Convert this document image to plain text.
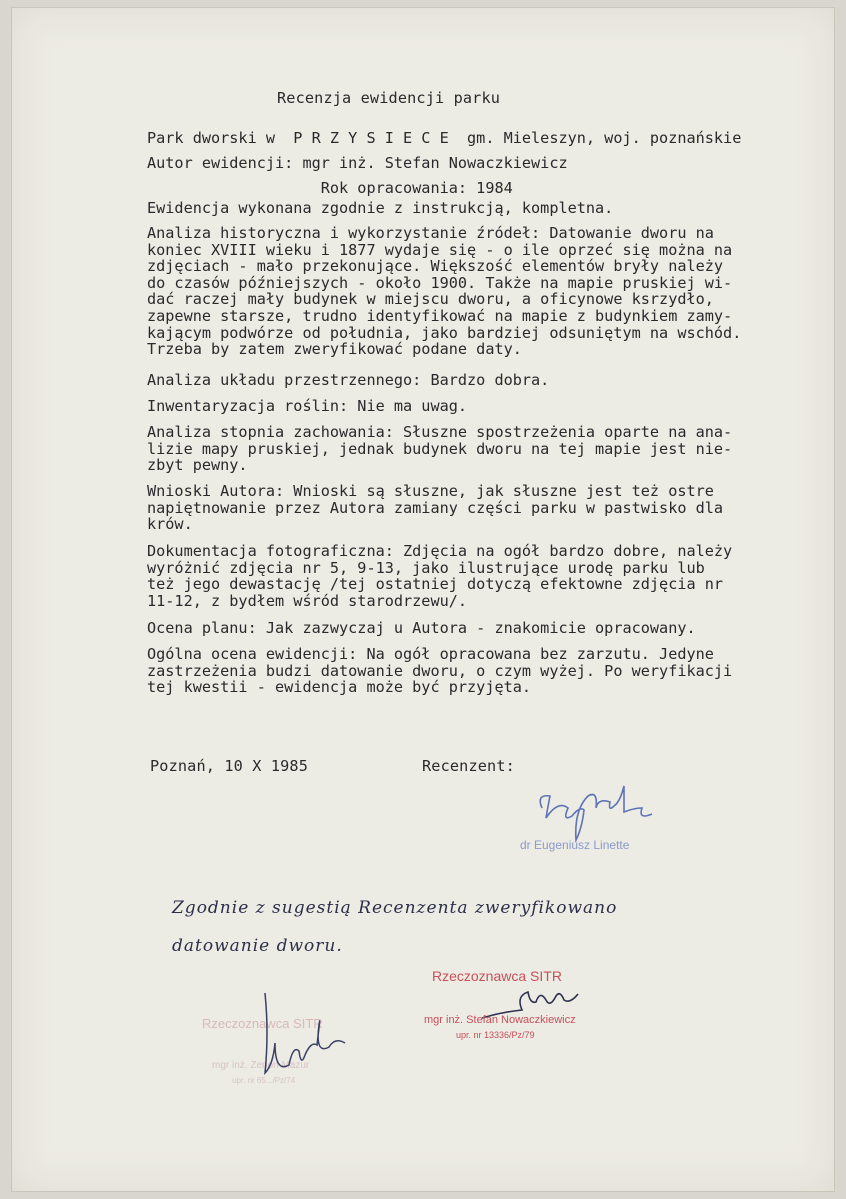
Recenzja ewidencji parku
Park dworski w  P R Z Y S I E C E  gm. Mieleszyn, woj. poznańskie
Autor ewidencji: mgr inż. Stefan Nowaczkiewicz
Rok opracowania: 1984
Ewidencja wykonana zgodnie z instrukcją, kompletna.
Analiza historyczna i wykorzystanie źródeł: Datowanie dworu na
koniec XVIII wieku i 1877 wydaje się - o ile oprzeć się można na
zdjęciach - mało przekonujące. Większość elementów bryły należy
do czasów późniejszych - około 1900. Także na mapie pruskiej wi-
dać raczej mały budynek w miejscu dworu, a oficynowe ksrzydło,
zapewne starsze, trudno identyfikować na mapie z budynkiem zamy-
kającym podwórze od południa, jako bardziej odsuniętym na wschód.
Trzeba by zatem zweryfikować podane daty.
Analiza układu przestrzennego: Bardzo dobra.
Inwentaryzacja roślin: Nie ma uwag.
Analiza stopnia zachowania: Słuszne spostrzeżenia oparte na ana-
lizie mapy pruskiej, jednak budynek dworu na tej mapie jest nie-
zbyt pewny.
Wnioski Autora: Wnioski są słuszne, jak słuszne jest też ostre
napiętnowanie przez Autora zamiany części parku w pastwisko dla
krów.
Dokumentacja fotograficzna: Zdjęcia na ogół bardzo dobre, należy
wyróżnić zdjęcia nr 5, 9-13, jako ilustrujące urodę parku lub
też jego dewastację /tej ostatniej dotyczą efektowne zdjęcia nr
11-12, z bydłem wśród starodrzewu/.
Ocena planu: Jak zazwyczaj u Autora - znakomicie opracowany.
Ogólna ocena ewidencji: Na ogół opracowana bez zarzutu. Jedyne
zastrzeżenia budzi datowanie dworu, o czym wyżej. Po weryfikacji
tej kwestii - ewidencja może być przyjęta.
Poznań, 10 X 1985	Recenzent:
dr Eugeniusz Linette
Zgodnie z sugestią Recenzenta zweryfikowano
datowanie dworu.
Rzeczoznawca SITR
mgr inż. Zenon Mazur
upr. nr 65.../Pz/74
Rzeczoznawca SITR
mgr inż. Stefan Nowaczkiewicz
upr. nr 13336/Pz/79
